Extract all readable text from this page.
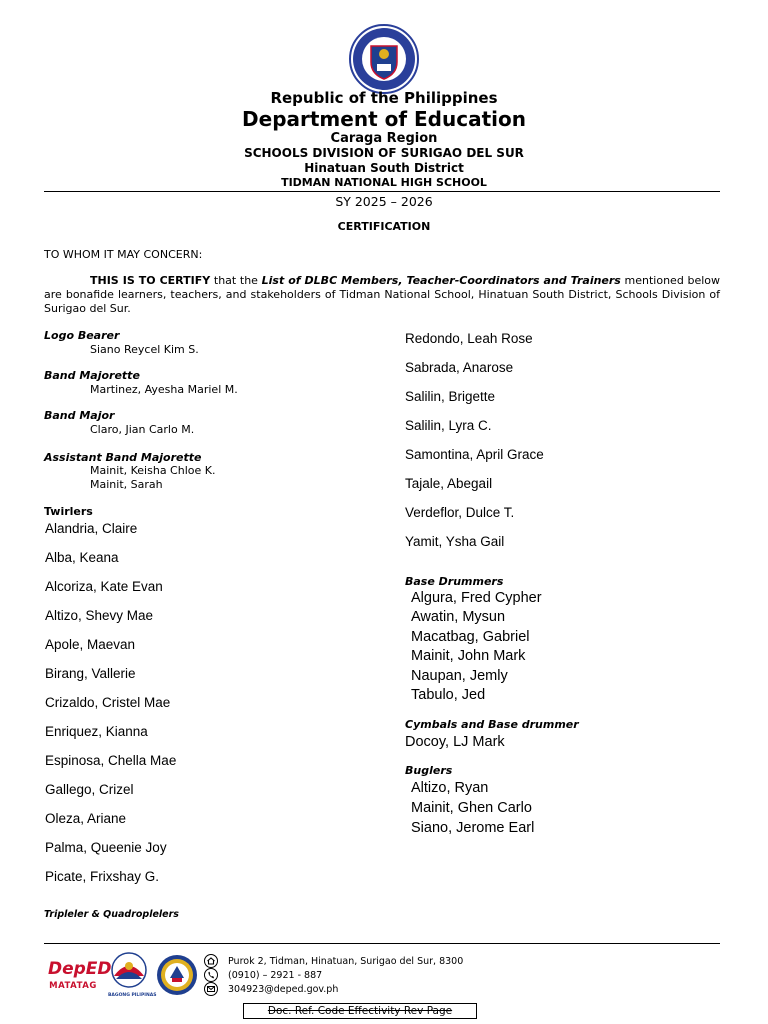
Republic of the Philippines
Department of Education
Caraga Region
SCHOOLS DIVISION OF SURIGAO DEL SUR
Hinatuan South District
TIDMAN NATIONAL HIGH SCHOOL
SY 2025 – 2026
CERTIFICATION
TO WHOM IT MAY CONCERN:
THIS IS TO CERTIFY that the List of DLBC Members, Teacher-Coordinators and Trainers mentioned below are bonafide learners, teachers, and stakeholders of Tidman National School, Hinatuan South District, Schools Division of Surigao del Sur.
Logo Bearer
Siano Reycel Kim S.
Band Majorette
Martinez, Ayesha Mariel M.
Band Major
Claro, Jian Carlo M.
Assistant Band Majorette
Mainit, Keisha Chloe K.
Mainit, Sarah
Twirlers
Alandria, Claire
Alba, Keana
Alcoriza, Kate Evan
Altizo, Shevy Mae
Apole, Maevan
Birang, Vallerie
Crizaldo, Cristel Mae
Enriquez, Kianna
Espinosa, Chella Mae
Gallego, Crizel
Oleza, Ariane
Palma, Queenie Joy
Picate, Frixshay G.
Tripleler & Quadroplelers
Redondo, Leah Rose
Sabrada, Anarose
Salilin, Brigette
Salilin, Lyra C.
Samontina, April Grace
Tajale, Abegail
Verdeflor, Dulce T.
Yamit, Ysha Gail
Base Drummers
Algura, Fred Cypher
Awatin, Mysun
Macatbag, Gabriel
Mainit, John Mark
Naupan, Jemly
Tabulo, Jed
Cymbals and Base drummer
Docoy, LJ Mark
Buglers
Altizo, Ryan
Mainit, Ghen Carlo
Siano, Jerome Earl
DepED
MATATAG
BAGONG PILIPINAS
Purok 2, Tidman, Hinatuan, Surigao del Sur, 8300
(0910) – 2921 - 887
304923@deped.gov.ph
Doc. Ref. Code Effectivity Rev Page
